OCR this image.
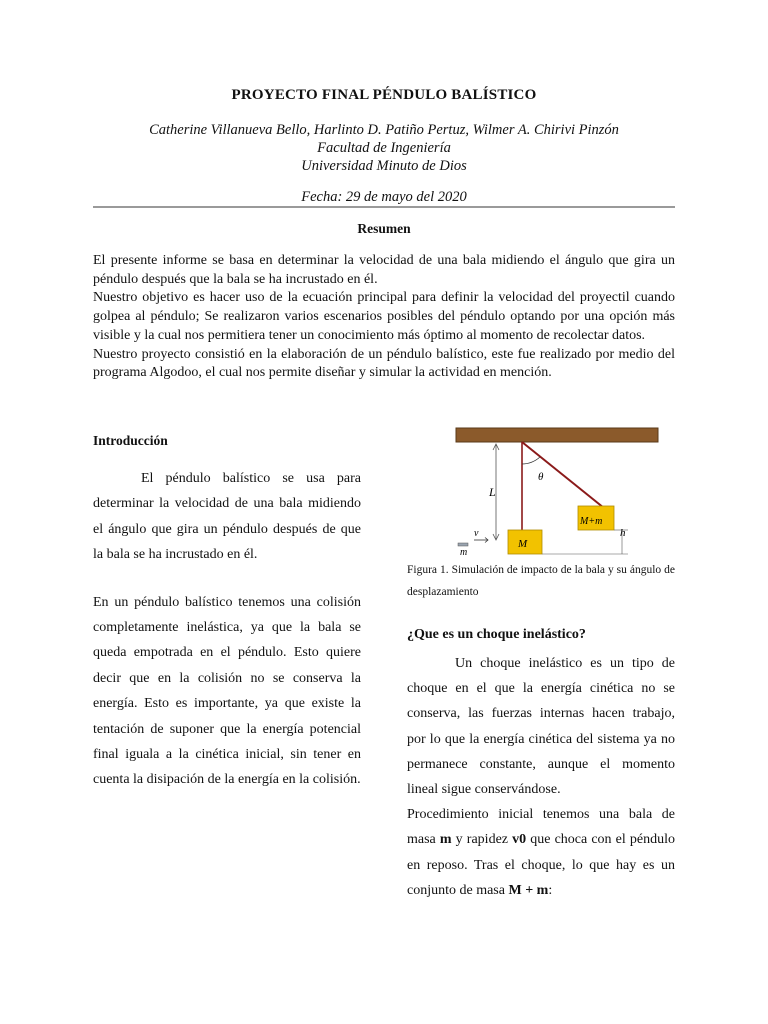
PROYECTO FINAL PÉNDULO BALÍSTICO
Catherine Villanueva Bello, Harlinto D. Patiño Pertuz, Wilmer A. Chirivi Pinzón
Facultad de Ingeniería
Universidad Minuto de Dios
Fecha: 29 de mayo del 2020
Resumen

El presente informe se basa en determinar la velocidad de una bala midiendo el ángulo que gira un péndulo después que la bala se ha incrustado en él.

Nuestro objetivo es hacer uso de la ecuación principal para definir la velocidad del proyectil cuando golpea al péndulo; Se realizaron varios escenarios posibles del péndulo optando por una opción más visible y la cual nos permitiera tener un conocimiento más óptimo al momento de recolectar datos.

Nuestro proyecto consistió en la elaboración de un péndulo balístico, este fue realizado por medio del programa Algodoo, el cual nos permite diseñar y simular la actividad en mención.

Introducción

El péndulo balístico se usa para determinar la velocidad de una bala midiendo el ángulo que gira un péndulo después de que la bala se ha incrustado en él.

En un péndulo balístico tenemos una colisión completamente inelástica, ya que la bala se queda empotrada en el péndulo. Esto quiere decir que en la colisión no se conserva la energía. Esto es importante, ya que existe la tentación de suponer que la energía potencial final iguala a la cinética inicial, sin tener en cuenta la disipación de la energía en la colisión.

θ
L
M
M+m
h
v
m
Figura 1. Simulación de impacto de la bala y su ángulo de desplazamiento
¿Que es un choque inelástico?

Un choque inelástico es un tipo de choque en el que la energía cinética no se conserva, las fuerzas internas hacen trabajo, por lo que la energía cinética del sistema ya no permanece constante, aunque el momento lineal sigue conservándose.

Procedimiento inicial tenemos una bala de masa m y rapidez v0 que choca con el péndulo en reposo. Tras el choque, lo que hay es un conjunto de masa M + m:
